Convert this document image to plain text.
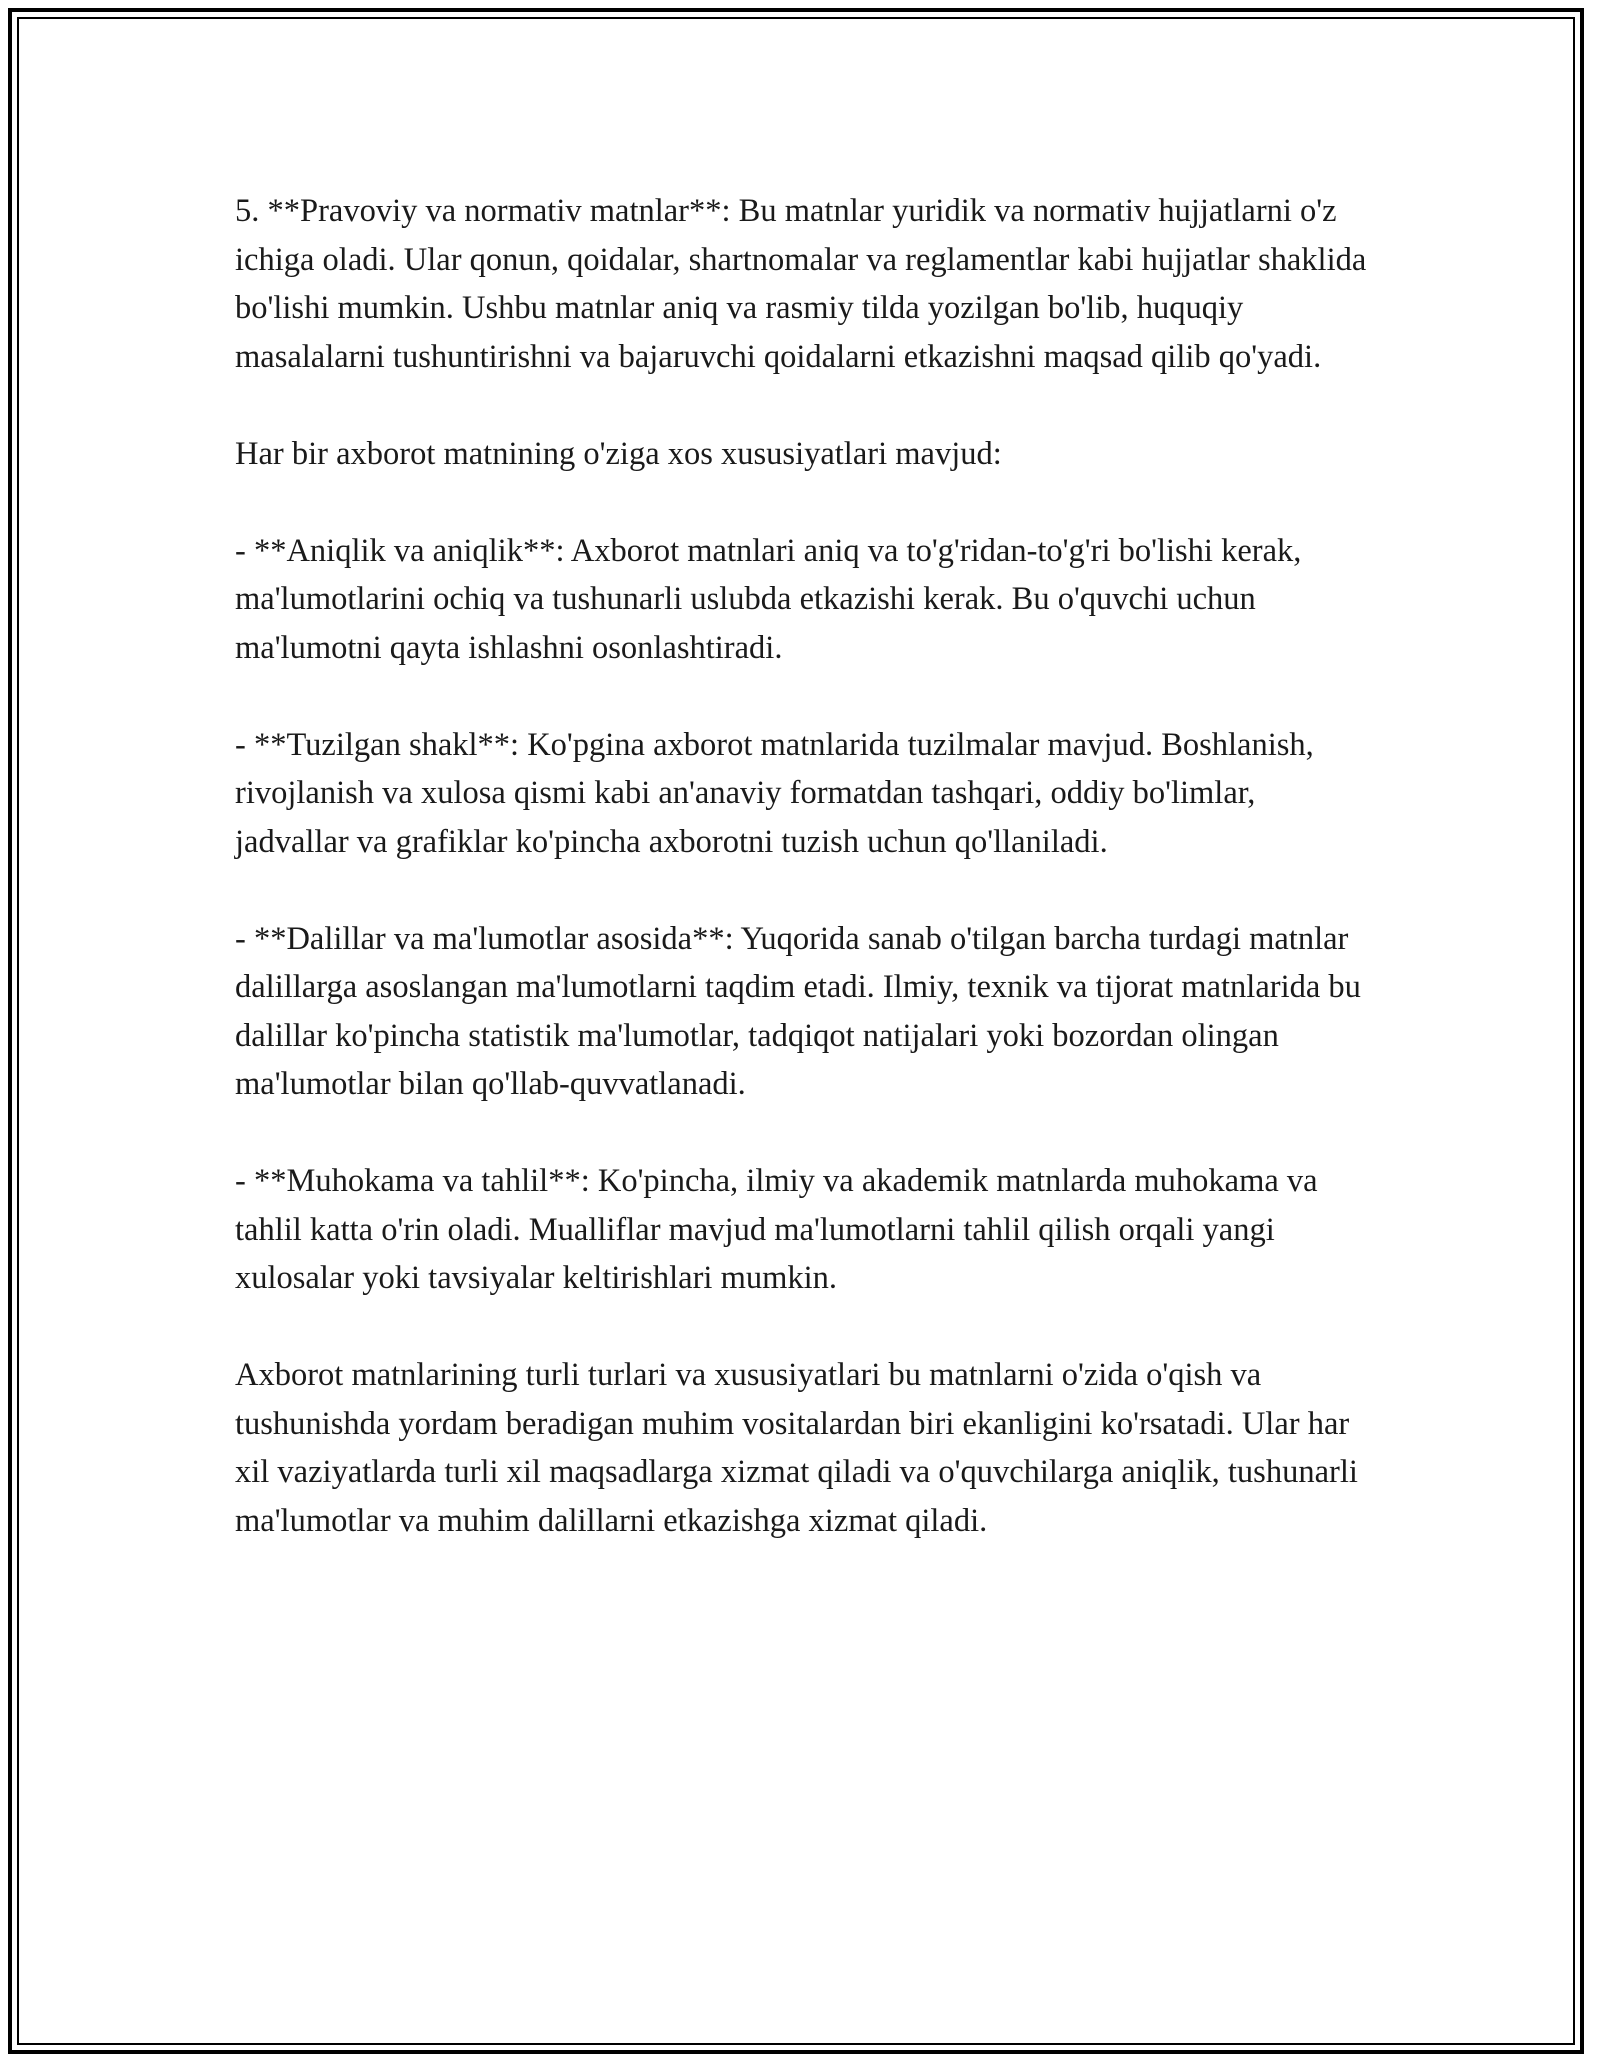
5. **Pravoviy va normativ matnlar**: Bu matnlar yuridik va normativ hujjatlarni o'z ichiga oladi. Ular qonun, qoidalar, shartnomalar va reglamentlar kabi hujjatlar shaklida bo'lishi mumkin. Ushbu matnlar aniq va rasmiy tilda yozilgan bo'lib, huquqiy masalalarni tushuntirishni va bajaruvchi qoidalarni etkazishni maqsad qilib qo'yadi.

Har bir axborot matnining o'ziga xos xususiyatlari mavjud:

- **Aniqlik va aniqlik**: Axborot matnlari aniq va to'g'ridan-to'g'ri bo'lishi kerak, ma'lumotlarini ochiq va tushunarli uslubda etkazishi kerak. Bu o'quvchi uchun ma'lumotni qayta ishlashni osonlashtiradi.

- **Tuzilgan shakl**: Ko'pgina axborot matnlarida tuzilmalar mavjud. Boshlanish, rivojlanish va xulosa qismi kabi an'anaviy formatdan tashqari, oddiy bo'limlar, jadvallar va grafiklar ko'pincha axborotni tuzish uchun qo'llaniladi.

- **Dalillar va ma'lumotlar asosida**: Yuqorida sanab o'tilgan barcha turdagi matnlar dalillarga asoslangan ma'lumotlarni taqdim etadi. Ilmiy, texnik va tijorat matnlarida bu dalillar ko'pincha statistik ma'lumotlar, tadqiqot natijalari yoki bozordan olingan ma'lumotlar bilan qo'llab-quvvatlanadi.

- **Muhokama va tahlil**: Ko'pincha, ilmiy va akademik matnlarda muhokama va tahlil katta o'rin oladi. Mualliflar mavjud ma'lumotlarni tahlil qilish orqali yangi xulosalar yoki tavsiyalar keltirishlari mumkin.

Axborot matnlarining turli turlari va xususiyatlari bu matnlarni o'zida o'qish va tushunishda yordam beradigan muhim vositalardan biri ekanligini ko'rsatadi. Ular har xil vaziyatlarda turli xil maqsadlarga xizmat qiladi va o'quvchilarga aniqlik, tushunarli ma'lumotlar va muhim dalillarni etkazishga xizmat qiladi.
